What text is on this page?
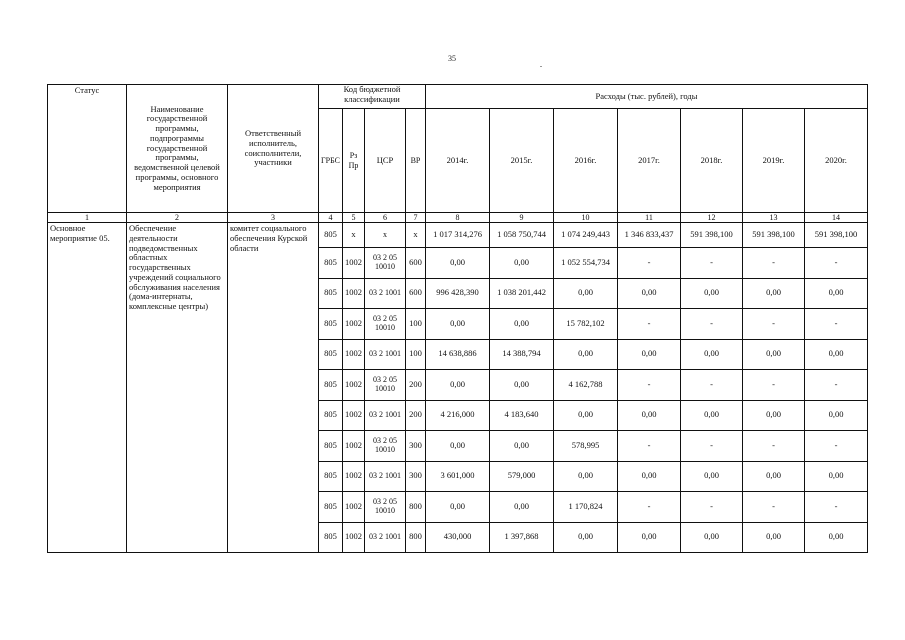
35
Статус	Наименование государственной программы, подпрограммы государственной программы, ведомственной целевой программы, основного мероприятия	Ответственный исполнитель, соисполнители, участники	Код бюджетной классификации				Расходы (тыс. рублей), годы						
			ГРБС	Рз Пр	ЦСР	ВР	2014г.	2015г.	2016г.	2017г.	2018г.	2019г.	2020г.
1	2	3	4	5	6	7	8	9	10	11	12	13	14
Основное мероприятие 05.	Обеспечение деятельности подведомственных областных государственных учреждений социального обслуживания населения (дома-интернаты, комплексные центры)	комитет социального обеспечения Курской области	805	х	х	х	1 017 314,276	1 058 750,744	1 074 249,443	1 346 833,437	591 398,100	591 398,100	591 398,100
			805	1002	03 2 05 10010	600	0,00	0,00	1 052 554,734	-	-	-	-
			805	1002	03 2 1001	600	996 428,390	1 038 201,442	0,00	0,00	0,00	0,00	0,00
			805	1002	03 2 05 10010	100	0,00	0,00	15 782,102	-	-	-	-
			805	1002	03 2 1001	100	14 638,886	14 388,794	0,00	0,00	0,00	0,00	0,00
			805	1002	03 2 05 10010	200	0,00	0,00	4 162,788	-	-	-	-
			805	1002	03 2 1001	200	4 216,000	4 183,640	0,00	0,00	0,00	0,00	0,00
			805	1002	03 2 05 10010	300	0,00	0,00	578,995	-	-	-	-
			805	1002	03 2 1001	300	3 601,000	579,000	0,00	0,00	0,00	0,00	0,00
			805	1002	03 2 05 10010	800	0,00	0,00	1 170,824	-	-	-	-
			805	1002	03 2 1001	800	430,000	1 397,868	0,00	0,00	0,00	0,00	0,00
